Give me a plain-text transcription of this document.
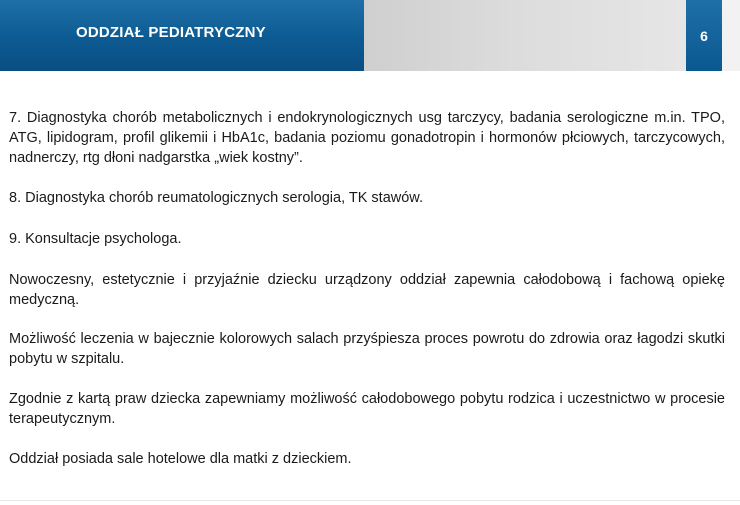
ODDZIAŁ PEDIATRYCZNY	6

7. Diagnostyka chorób metabolicznych i endokrynologicznych usg tarczycy, badania serologiczne m.in. TPO, ATG, lipidogram, profil glikemii i HbA1c, badania poziomu gonadotropin i hormonów płciowych, tarczycowych, nadnerczy, rtg dłoni nadgarstka „wiek kostny”.

8. Diagnostyka chorób reumatologicznych serologia, TK stawów.

9. Konsultacje psychologa.

Nowoczesny, estetycznie i przyjaźnie dziecku urządzony oddział zapewnia całodobową i fachową opiekę medyczną.

Możliwość leczenia w bajecznie kolorowych salach przyśpiesza proces powrotu do zdrowia oraz łagodzi skutki pobytu w szpitalu.

Zgodnie z kartą praw dziecka zapewniamy możliwość całodobowego pobytu rodzica i uczestnictwo w procesie terapeutycznym.

Oddział posiada sale hotelowe dla matki z dzieckiem.
